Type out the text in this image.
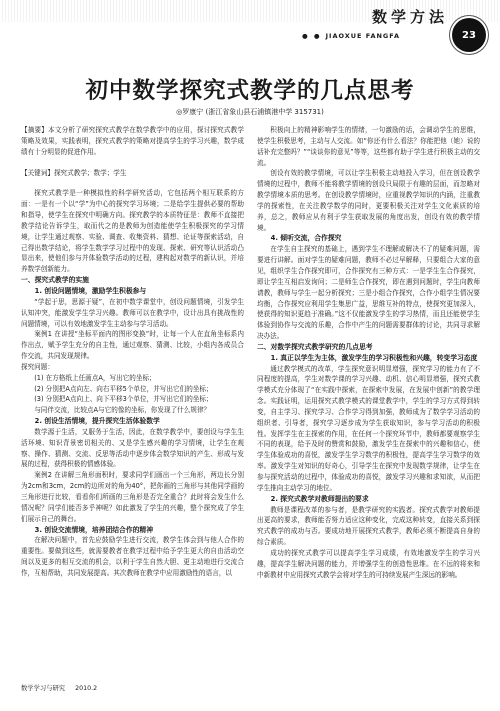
数学方法
● ● JIAOXUE FANGFA	23
初中数学探究式教学的几点思考
◎罗康宁 (浙江省象山县石浦镇港中学 315731)

【摘要】本文分析了研究探究式教学在数学教学中的应用，探讨探究式教学策略及效果，实践表明，探究式教学的策略对提高学生的学习兴趣，数学成绩有十分明显的促进作用。

【关键词】探究式教学；数学；学生

探究式教学是一种模拟性的科学研究活动，它包括两个相互联系的方面：一是有一个以“学”为中心的探究学习环境；二是给学生提供必要的帮助和指导，使学生在探究中明确方向。探究教学的本质特征是：教师不直接把教学结论告诉学生，取而代之的是教师为创造能使学生积极探究的学习情境，让学生通过观察、实验、调查、收集资料、猜想、论证等探索活动，自己得出数学结论，将学生数学学习过程中的发现、探索、研究等认识活动凸显出来，使他们参与并体验数学活动的过程，建构起对数学的新认识，并培养数学创新能力。

一、探究式教学的实施
1. 创设问题情境，激励学生积极参与

“学起于思，思源于疑”，在初中数学课堂中，创设问题情境，引发学生认知冲突，能激发学生学习兴趣。教师可以在教学中，设计出具有挑战性的问题情境，可以有效地激发学生主动参与学习活动。

案例1 在讲授“坐标平面内的图形变换”时，让每一个人在直角坐标系内作出点，赋予学生充分的自主性，通过观察、猜测、比较，小组内各成员合作交流，共同发现规律。

探究问题：

(1) 在方格纸上任画点A，写出它的坐标；

(2) 分别把A点向左、向右平移5个单位，并写出它们的坐标；

(3) 分别把A点向上、向下平移3个单位，并写出它们的坐标；

与同伴交流，比较点A与它的像的坐标，你发现了什么规律？

2. 创设生活情境，提升探究生活体验数学

数学源于生活，又服务于生活，因此，在数学教学中，要创设与学生生活环境、知识背景密切相关的、又是学生感兴趣的学习情境，让学生在观察、操作、猜测、交流、反思等活动中逐步体会数学知识的产生、形成与发展的过程，获得积极的情感体验。

案例2 在讲解三角形面积时，要求同学们画出一个三角形，两边长分别为2cm和3cm，2cm的边所对的角为40°，把你画的三角形与其他同学画的三角形进行比较，看看你们所画的三角形是否完全重合？此时将会发生什么情况呢？同学们能否多乎神呢？如此激发了学生的兴趣，整个探究成了学生们展示自己的舞台。

3. 创设交流情境，培养团结合作的精神

在解决问题中，首先应鼓励学生进行交流，教学生体会到与他人合作的重要性。要做到这些，就需要教者在教学过程中给予学生更大的自由活动空间以及更多的相互交流的机会，以利于学生自然大胆、更主动地进行交流合作，互相帮助，共同发展提高。其次教师在教学中应用激励性的语言，以

积极向上的精神影响学生的情绪，一句激励的话，会调动学生的思维，使学生积极思考，主动与人交流。如“你还有什么看法？你能把他（她）说的话补充完整吗？”“谈谈你的意见”等等，这些都有助于学生进行积极主动的交流。

创设有效的教学情境，可以让学生积极主动地投入学习，但在创设教学情境的过程中，教师不能将教学情境的创设只局限于有趣的层面，而忽略对教学情境本质的思考。在创设教学情境时，应重视教学知识的内涵，注重教学的探索性，在关注教学数学的同时，更要积极关注对学生文化素质的培养，总之，教师应从有利于学生获取发展的角度出发，创设有效的教学情境。

4. 倾听交流，合作探究

在学生自主探究的基础上，遇到学生不理解或解决不了的疑难问题，需要进行讲解。面对学生的疑难问题，教师不必过早解释，只要组合大家的意见，组织学生合作探究即可，合作探究有三种方式：一是学生生合作探究，即让学生互相启发询问；二是师生合作探究，即在遇到问题时，学生向教师请教，教师与学生一起分析探究；三是小组合作探究，合作小组学生情况要均衡，合作探究应利用学生集思广益，思维互补的特点，使探究更加深入，使获得的知识更趋于准确。”这不仅能激发学生的学习热情，而且还能使学生体验到协作与交流的乐趣，合作中产生的问题需要群体的讨论，共同寻求解决办法。

二、对数学探究式教学研究的几点思考
1. 真正以学生为主体，激发学生的学习积极性和兴趣，转变学习态度

通过教学模式的改革，学生探究意识明显增强，探究学习的能力有了不同程度的提高，学生对数学课的学习兴趣、动机、信心明显增强，探究式教学模式充分体现了“在实践中探索，在探索中发展，在发展中创新”的教学理念。实践证明，运用探究式教学模式的课堂教学中，学生的学习方式得到转变，自主学习、探究学习、合作学习得到加强，教师成为了数学学习活动的组织者、引导者，探究学习逐步成为学生获取知识，参与学习活动的积极性。发挥学生在主探索的作用，在任何一个探究环节中，教师都要观察学生不同的表现，给予及时的赞赏和鼓励，激发学生在探索中的兴趣和信心，使学生体验成功的喜悦，激发学生学习数学的积极性，提高学生学习数学的效率。激发学生对知识的好奇心，引导学生在探究中发现数学规律，让学生在参与探究活动的过程中，体验成功的喜悦，激发学习兴趣和求知欲，从而把学生推向主动学习的地位。

2. 探究式教学对教师提出的要求

教师是课程改革的参与者，是教学研究的实践者。探究式教学对教师提出更高的要求，教师能否努力适应这种变化，完成这种转变，直接关系到探究式教学的成功与否。要成功地开展探究式教学，教师必须不断提高自身的综合素质。

成功的探究式教学可以提高学生学习成绩，有效地激发学生的学习兴趣，提高学生解决问题的能力，并增强学生的创造性思维。在不远的将来和中新教材中应用探究式教学会将对学生的可持续发展产生深远的影响。

数学学习与研究 2010.2
